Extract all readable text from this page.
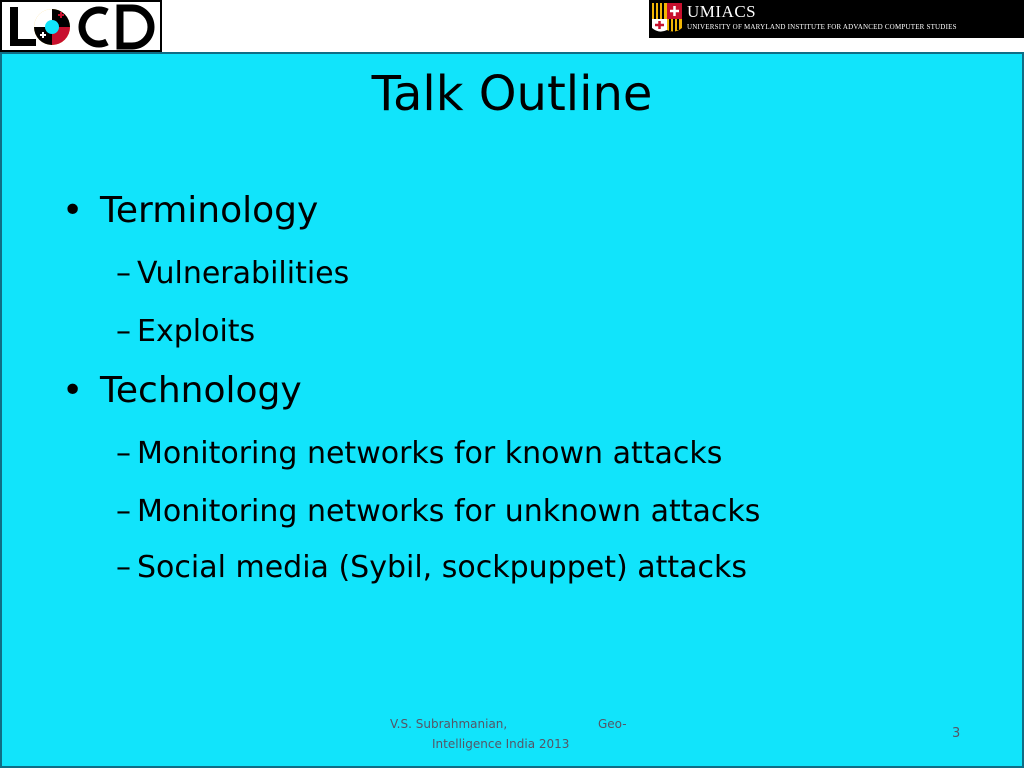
UMIACS
UNIVERSITY OF MARYLAND INSTITUTE FOR ADVANCED COMPUTER STUDIES
Talk Outline
• Terminology
– Vulnerabilities
– Exploits
• Technology
– Monitoring networks for known attacks
– Monitoring networks for unknown attacks
– Social media (Sybil, sockpuppet) attacks
V.S. Subrahmanian,	Geo-
Intelligence India 2013
3
